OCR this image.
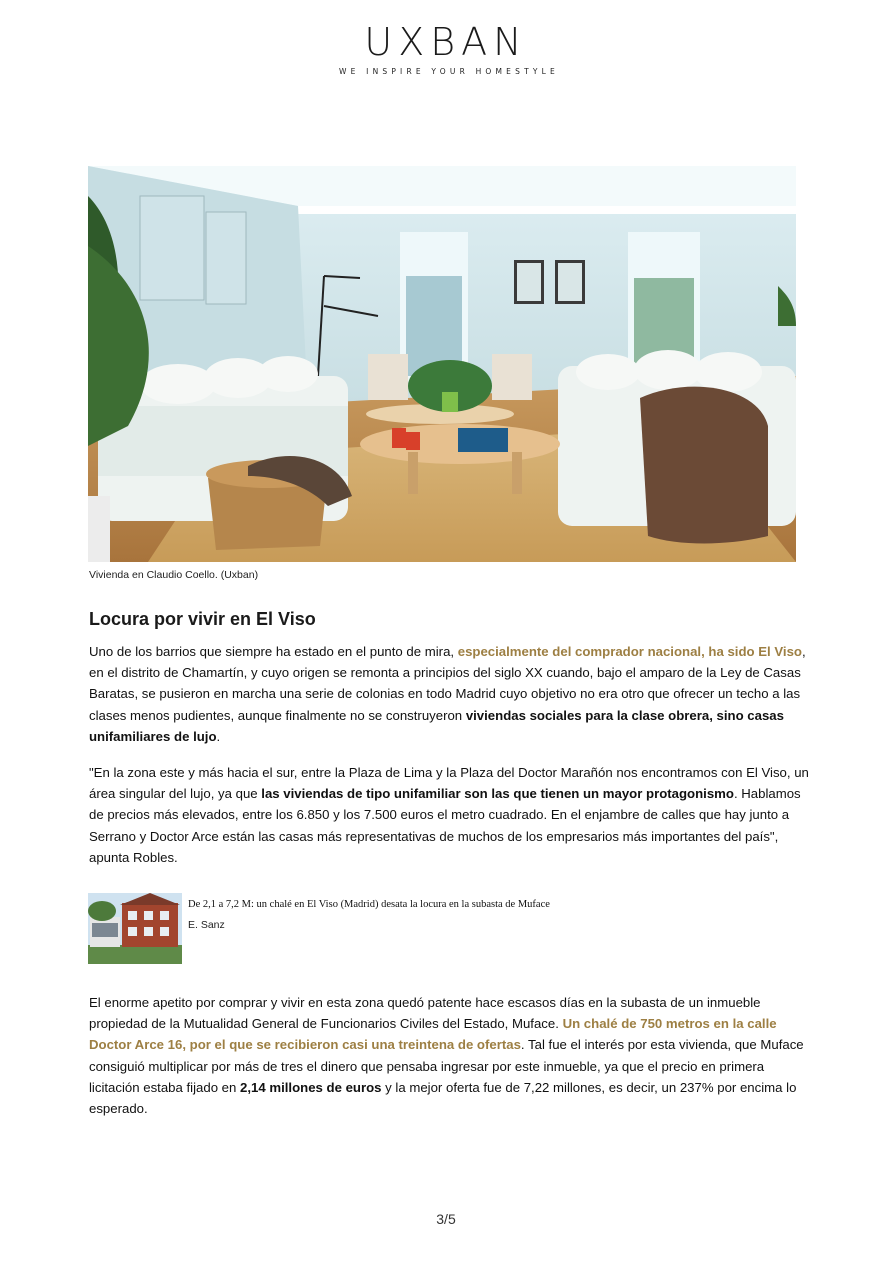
UXBAN
WE INSPIRE YOUR HOMESTYLE
Vivienda en Claudio Coello. (Uxban)
Locura por vivir en El Viso
Uno de los barrios que siempre ha estado en el punto de mira, especialmente del comprador nacional, ha sido El Viso, en el distrito de Chamartín, y cuyo origen se remonta a principios del siglo XX cuando, bajo el amparo de la Ley de Casas Baratas, se pusieron en marcha una serie de colonias en todo Madrid cuyo objetivo no era otro que ofrecer un techo a las clases menos pudientes, aunque finalmente no se construyeron viviendas sociales para la clase obrera, sino casas unifamiliares de lujo.
"En la zona este y más hacia el sur, entre la Plaza de Lima y la Plaza del Doctor Marañón nos encontramos con El Viso, un área singular del lujo, ya que las viviendas de tipo unifamiliar son las que tienen un mayor protagonismo. Hablamos de precios más elevados, entre los 6.850 y los 7.500 euros el metro cuadrado. En el enjambre de calles que hay junto a Serrano y Doctor Arce están las casas más representativas de muchos de los empresarios más importantes del país", apunta Robles.
De 2,1 a 7,2 M: un chalé en El Viso (Madrid) desata la locura en la subasta de Muface
E. Sanz
El enorme apetito por comprar y vivir en esta zona quedó patente hace escasos días en la subasta de un inmueble propiedad de la Mutualidad General de Funcionarios Civiles del Estado, Muface. Un chalé de 750 metros en la calle Doctor Arce 16, por el que se recibieron casi una treintena de ofertas. Tal fue el interés por esta vivienda, que Muface consiguió multiplicar por más de tres el dinero que pensaba ingresar por este inmueble, ya que el precio en primera licitación estaba fijado en 2,14 millones de euros y la mejor oferta fue de 7,22 millones, es decir, un 237% por encima lo esperado.
3/5
